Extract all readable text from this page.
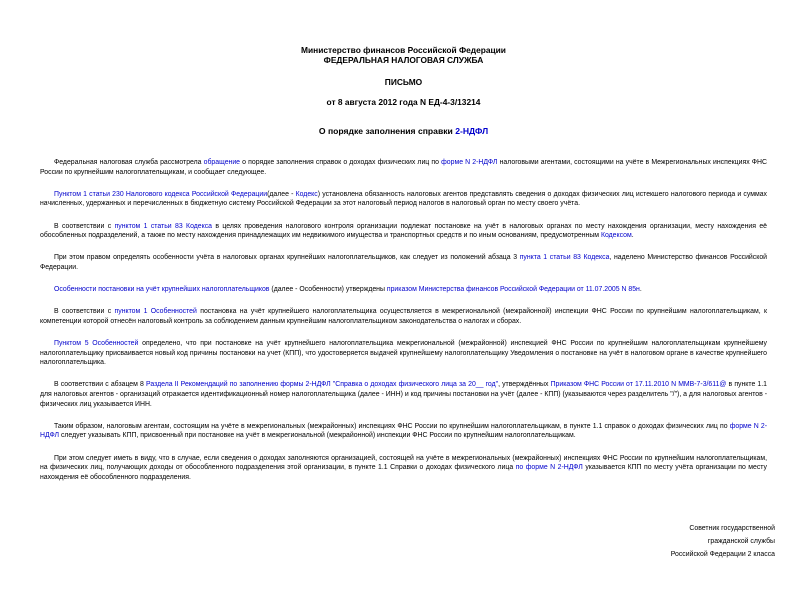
Министерство финансов Российской Федерации
ФЕДЕРАЛЬНАЯ НАЛОГОВАЯ СЛУЖБА
ПИСЬМО
от 8 августа 2012 года N ЕД-4-3/13214
О порядке заполнения справки 2-НДФЛ

Федеральная налоговая служба рассмотрела обращение о порядке заполнения справок о доходах физических лиц по форме N 2-НДФЛ налоговыми агентами, состоящими на учёте в Межрегиональных инспекциях ФНС России по крупнейшим налогоплательщикам, и сообщает следующее.

Пунктом 1 статьи 230 Налогового кодекса Российской Федерации(далее - Кодекс) установлена обязанность налоговых агентов представлять сведения о доходах физических лиц истекшего налогового периода и суммах начисленных, удержанных и перечисленных в бюджетную систему Российской Федерации за этот налоговый период налогов в налоговый орган по месту своего учёта.

В соответствии с пунктом 1 статьи 83 Кодекса в целях проведения налогового контроля организации подлежат постановке на учёт в налоговых органах по месту нахождения организации, месту нахождения её обособленных подразделений, а также по месту нахождения принадлежащих им недвижимого имущества и транспортных средств и по иным основаниям, предусмотренным Кодексом.

При этом правом определять особенности учёта в налоговых органах крупнейших налогоплательщиков, как следует из положений абзаца 3 пункта 1 статьи 83 Кодекса, наделено Министерство финансов Российской Федерации.

Особенности постановки на учёт крупнейших налогоплательщиков (далее - Особенности) утверждены приказом Министерства финансов Российской Федерации от 11.07.2005 N 85н.

В соответствии с пунктом 1 Особенностей постановка на учёт крупнейшего налогоплательщика осуществляется в межрегиональной (межрайонной) инспекции ФНС России по крупнейшим налогоплательщикам, к компетенции которой отнесён налоговый контроль за соблюдением данным крупнейшим налогоплательщиком законодательства о налогах и сборах.

Пунктом 5 Особенностей определено, что при постановке на учёт крупнейшего налогоплательщика межрегиональной (межрайонной) инспекцией ФНС России по крупнейшим налогоплательщикам крупнейшему налогоплательщику присваивается новый код причины постановки на учет (КПП), что удостоверяется выдачей крупнейшему налогоплательщику Уведомления о постановке на учёт в налоговом органе в качестве крупнейшего налогоплательщика.

В соответствии с абзацем 8 Раздела II Рекомендаций по заполнению формы 2-НДФЛ "Справка о доходах физического лица за 20__ год", утверждённых Приказом ФНС России от 17.11.2010 N ММВ-7-3/611@ в пункте 1.1 для налоговых агентов - организаций отражается идентификационный номер налогоплательщика (далее - ИНН) и код причины постановки на учёт (далее - КПП) (указываются через разделитель "/"), а для налоговых агентов - физических лиц указывается ИНН.

Таким образом, налоговым агентам, состоящим на учёте в межрегиональных (межрайонных) инспекциях ФНС России по крупнейшим налогоплательщикам, в пункте 1.1 справок о доходах физических лиц по форме N 2-НДФЛ следует указывать КПП, присвоенный при постановке на учёт в межрегиональной (межрайонной) инспекции ФНС России по крупнейшим налогоплательщикам.

При этом следует иметь в виду, что в случае, если сведения о доходах заполняются организацией, состоящей на учёте в межрегиональных (межрайонных) инспекциях ФНС России по крупнейшим налогоплательщикам, на физических лиц, получающих доходы от обособленного подразделения этой организации, в пункте 1.1 Справки о доходах физического лица по форме N 2-НДФЛ указывается КПП по месту учёта организации по месту нахождения её обособленного подразделения.

Советник государственной
гражданской службы
Российской Федерации 2 класса
